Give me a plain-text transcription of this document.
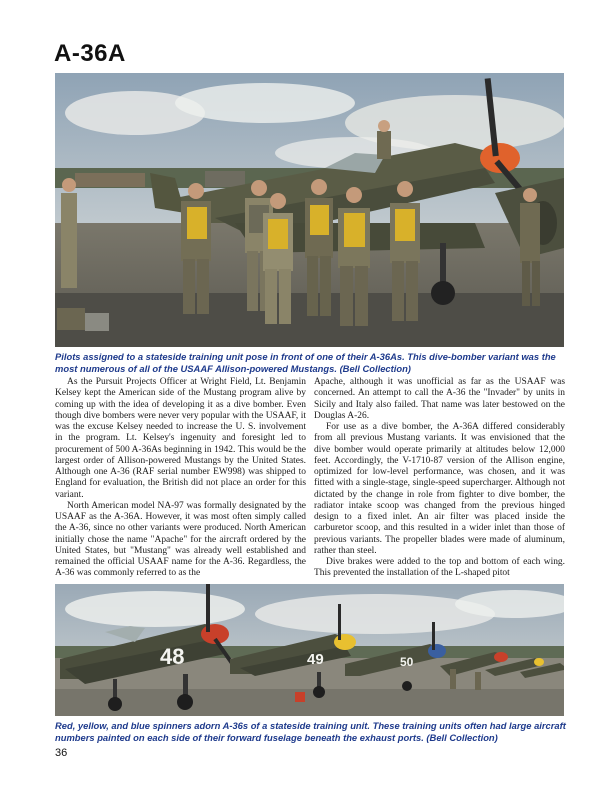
A-36A
Pilots assigned to a stateside training unit pose in front of one of their A-36As. This dive-bomber variant was the most numerous of all of the USAAF Allison-powered Mustangs. (Bell Collection)

As the Pursuit Projects Officer at Wright Field, Lt. Benjamin Kelsey kept the American side of the Mustang program alive by coming up with the idea of developing it as a dive bomber. Even though dive bombers were never very popular with the USAAF, it was the excuse Kelsey needed to increase the U. S. involvement in the program. Lt. Kelsey's ingenuity and foresight led to procurement of 500 A-36As beginning in 1942. This would be the largest order of Allison-powered Mustangs by the United States. Although one A-36 (RAF serial number EW998) was shipped to England for evaluation, the British did not place an order for this variant.

North American model NA-97 was formally designated by the USAAF as the A-36A. However, it was most often simply called the A-36, since no other variants were produced. North American initially chose the name "Apache" for the aircraft ordered by the United States, but "Mustang" was already well established and remained the official USAAF name for the A-36. Regardless, the A-36 was commonly referred to as the

Apache, although it was unofficial as far as the USAAF was concerned. An attempt to call the A-36 the "Invader" by units in Sicily and Italy also failed. That name was later bestowed on the Douglas A-26.

For use as a dive bomber, the A-36A differed considerably from all previous Mustang variants. It was envisioned that the dive bomber would operate primarily at altitudes below 12,000 feet. Accordingly, the V-1710-87 version of the Allison engine, optimized for low-level performance, was chosen, and it was fitted with a single-stage, single-speed supercharger. Although not dictated by the change in role from fighter to dive bomber, the radiator intake scoop was changed from the previous hinged design to a fixed inlet. An air filter was placed inside the carburetor scoop, and this resulted in a wider inlet than those of previous variants. The propeller blades were made of aluminum, rather than steel.

Dive brakes were added to the top and bottom of each wing. This prevented the installation of the L-shaped pitot

48	49	50
Red, yellow, and blue spinners adorn A-36s of a stateside training unit. These training units often had large aircraft numbers painted on each side of their forward fuselage beneath the exhaust ports. (Bell Collection)
36
